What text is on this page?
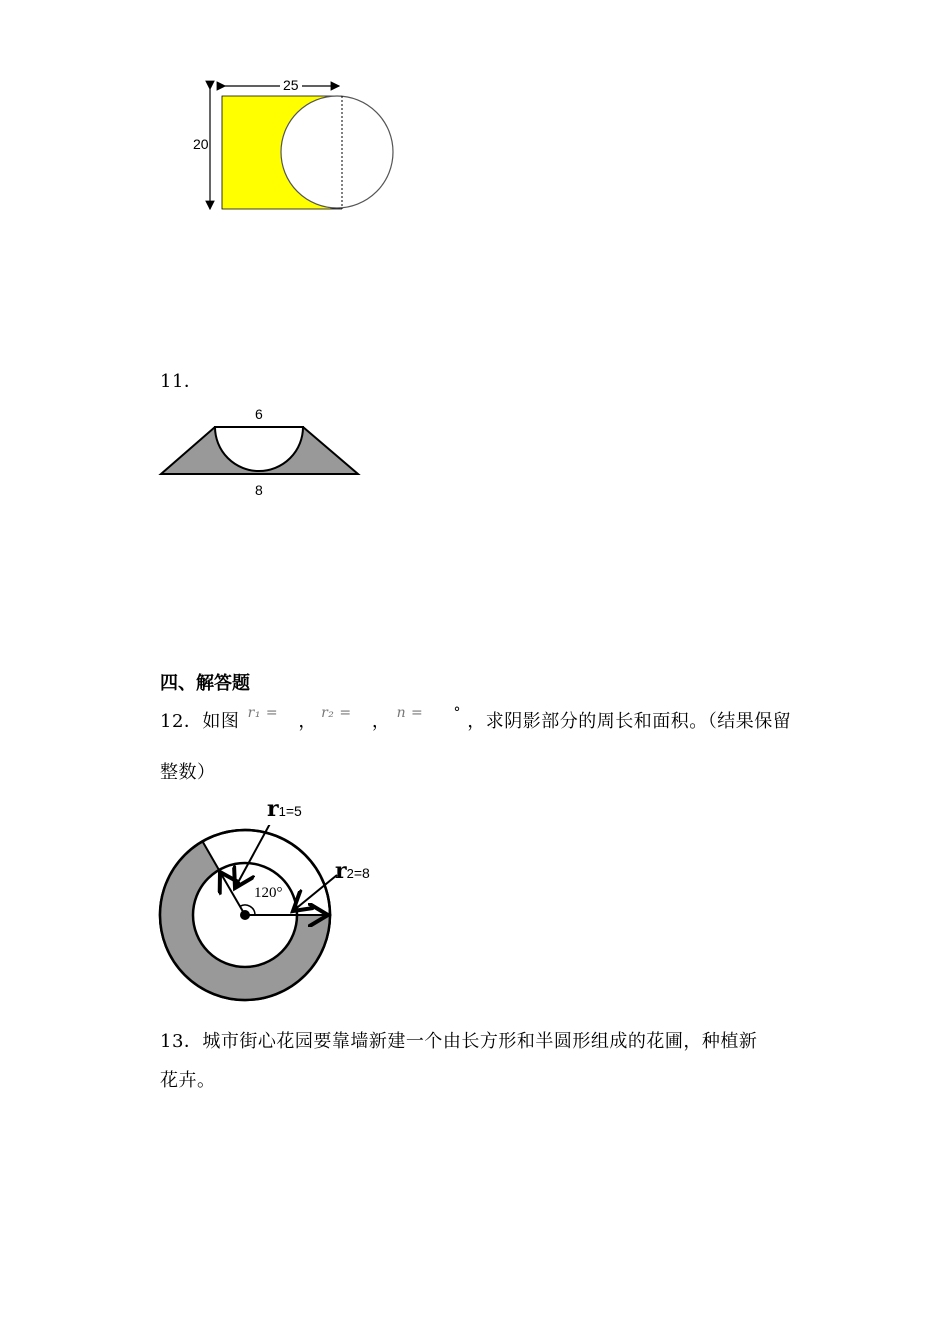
25
20
11．
6
8
四、解答题
12．如图 $^{r_1 =}$ ， $^{r_2 =}$ ， $^{n =}$ ° ，求阴影部分的周长和面积。（结果保留
整数）
r1=5
r2=8
120°
13．城市街心花园要靠墙新建一个由长方形和半圆形组成的花圃，种植新
花卉。
